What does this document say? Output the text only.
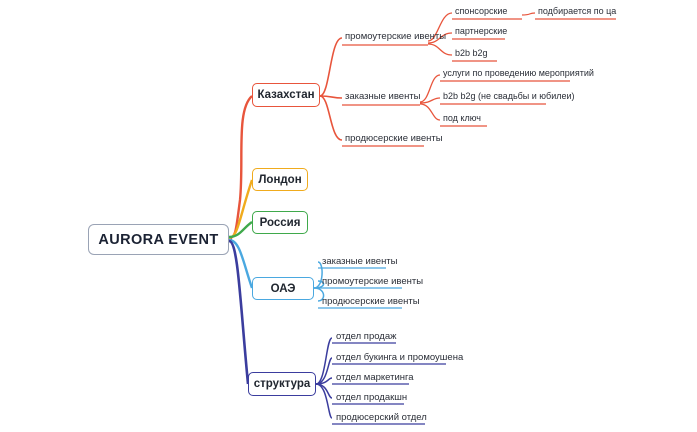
AURORA EVENT
Казахстан
Лондон
Россия
ОАЭ
структура
промоутерские ивенты
заказные ивенты
продюсерские ивенты
спонсорские
партнерские
b2b b2g
подбирается по цa
услуги по проведению мероприятий
b2b b2g (не свадьбы и юбилеи)
под ключ
заказные ивенты
промоутерские ивенты
продюсерские ивенты
отдел продаж
отдел букинга и промоушена
отдел маркетинга
отдел продакшн
продюсерский отдел
